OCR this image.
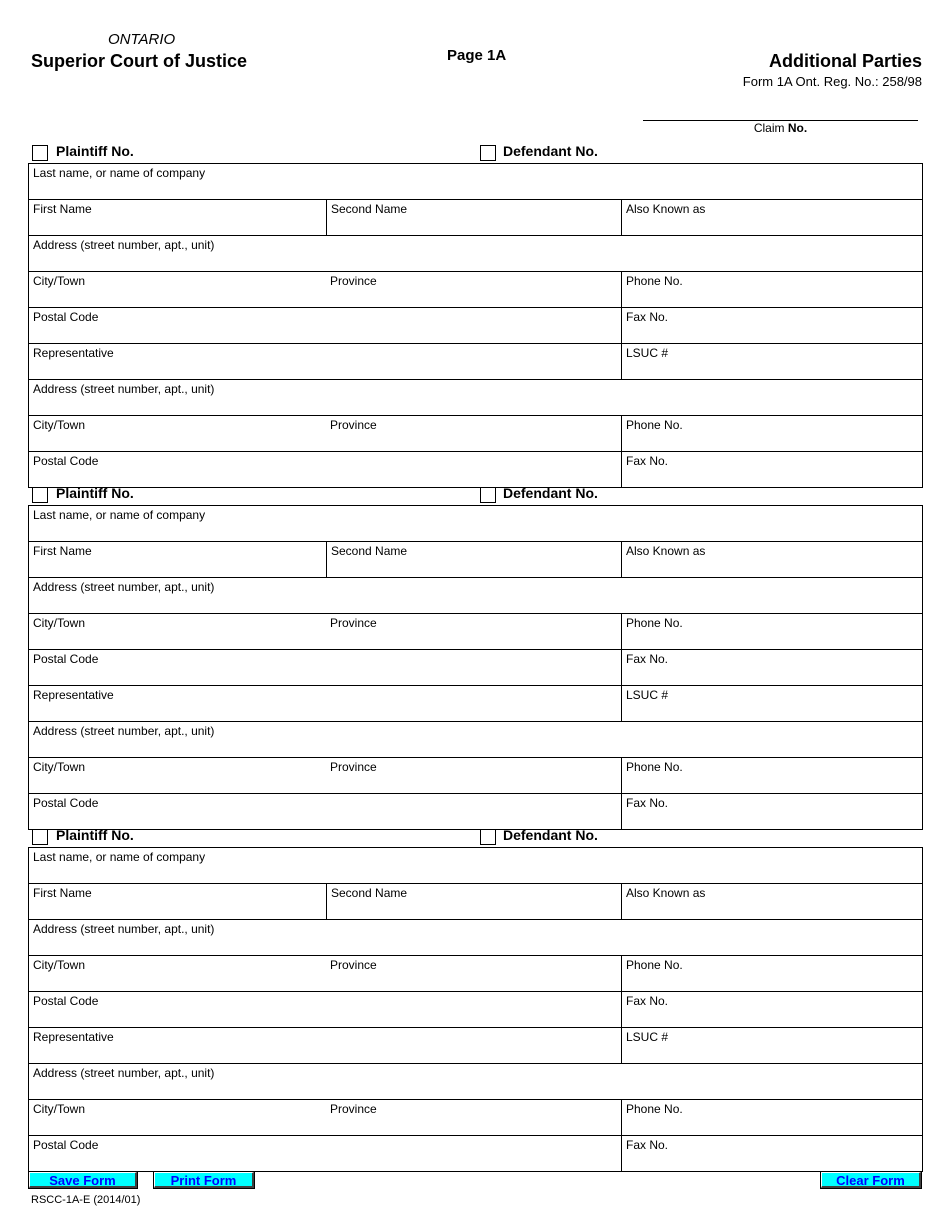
ONTARIO
Superior Court of Justice	Page 1A	Additional Parties
Form 1A Ont. Reg. No.: 258/98
Claim No.
Plaintiff No.	Defendant No.
Last name, or name of company
First Name	Second Name	Also Known as
Address (street number, apt., unit)
City/Town	Province	Phone No.
Postal Code	Fax No.
Representative	LSUC #
Address (street number, apt., unit)
City/Town	Province	Phone No.
Postal Code	Fax No.
Plaintiff No.	Defendant No.
Last name, or name of company
First Name	Second Name	Also Known as
Address (street number, apt., unit)
City/Town	Province	Phone No.
Postal Code	Fax No.
Representative	LSUC #
Address (street number, apt., unit)
City/Town	Province	Phone No.
Postal Code	Fax No.
Plaintiff No.	Defendant No.
Last name, or name of company
First Name	Second Name	Also Known as
Address (street number, apt., unit)
City/Town	Province	Phone No.
Postal Code	Fax No.
Representative	LSUC #
Address (street number, apt., unit)
City/Town	Province	Phone No.
Postal Code	Fax No.
Save Form	Print Form	Clear Form
RSCC-1A-E (2014/01)
